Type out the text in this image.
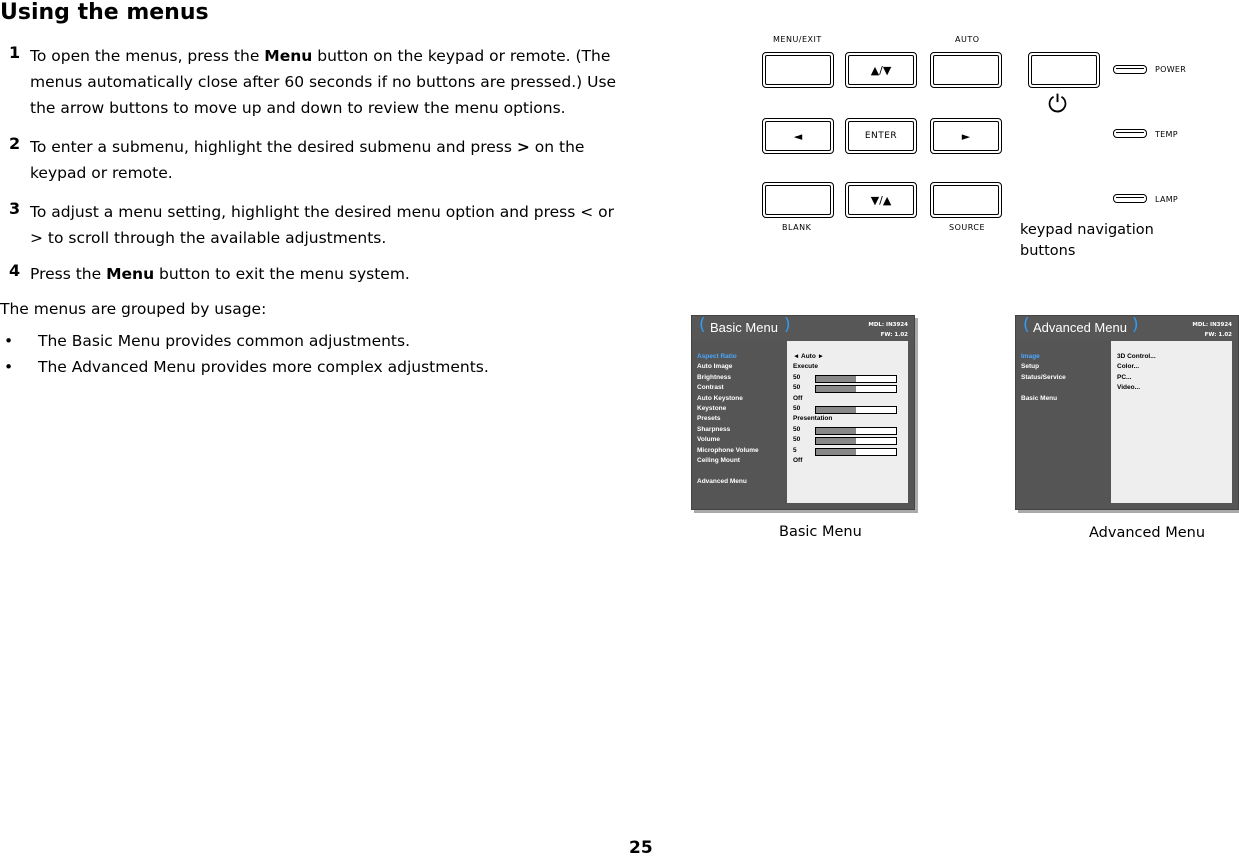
Using the menus
1 To open the menus, press the Menu button on the keypad or remote. (The menus automatically close after 60 seconds if no buttons are pressed.) Use the arrow buttons to move up and down to review the menu options.
2 To enter a submenu, highlight the desired submenu and press > on the keypad or remote.
3 To adjust a menu setting, highlight the desired menu option and press < or > to scroll through the available adjustments.
4 Press the Menu button to exit the menu system.
The menus are grouped by usage:
• The Basic Menu provides common adjustments.
• The Advanced Menu provides more complex adjustments.
MENU/EXIT	AUTO
▲/▼
⏻
◄	ENTER	►
▼/▲
BLANK	SOURCE
POWER
TEMP
LAMP
keypad navigation
buttons
( Basic Menu )	MDL: IN3924
FW: 1.02
Aspect Ratio	◄ Auto ►
Auto Image	Execute
Brightness	50
Contrast	50
Auto Keystone	Off
Keystone	50
Presets	Presentation
Sharpness	50
Volume	50
Microphone Volume	5
Ceiling Mount	Off
Advanced Menu
Basic Menu
( Advanced Menu )	MDL: IN3924
FW: 1.02
Image
Setup
Status/Service
Basic Menu
3D Control...
Color...
PC...
Video...
Advanced Menu
25
